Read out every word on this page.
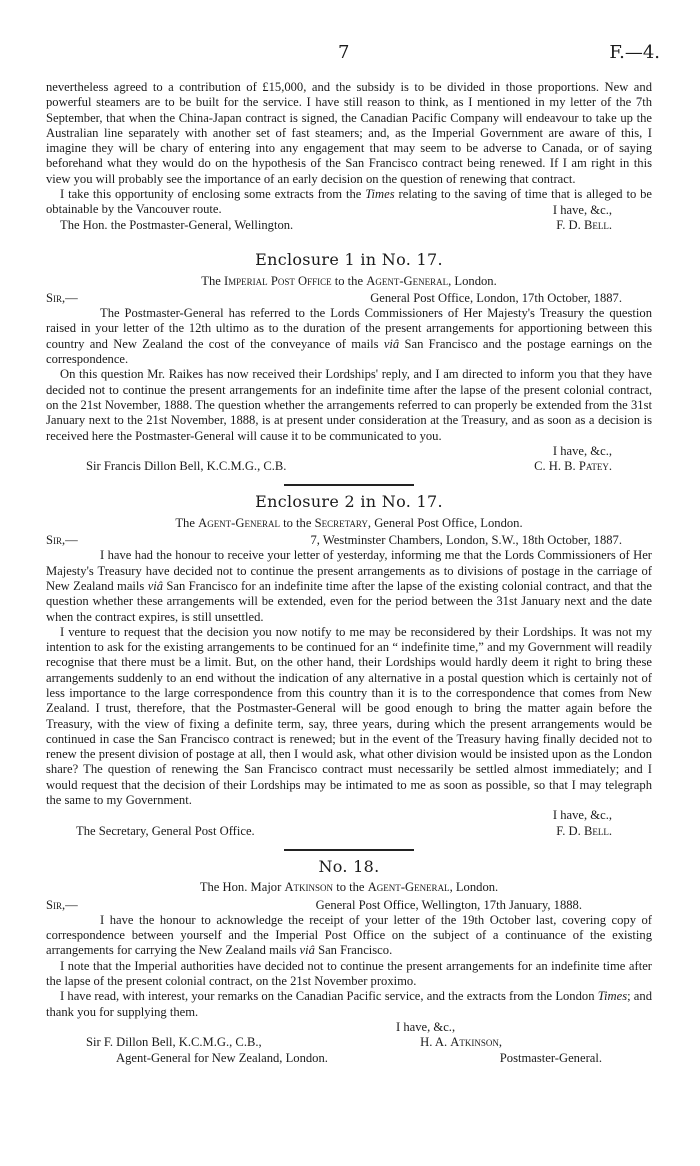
7	F.—4.

nevertheless agreed to a contribution of £15,000, and the subsidy is to be divided in those proportions. New and powerful steamers are to be built for the service. I have still reason to think, as I mentioned in my letter of the 7th September, that when the China-Japan contract is signed, the Canadian Pacific Company will endeavour to take up the Australian line separately with another set of fast steamers; and, as the Imperial Government are aware of this, I imagine they will be chary of entering into any engagement that may seem to be adverse to Canada, or of saying beforehand what they would do on the hypothesis of the San Francisco contract being renewed. If I am right in this view you will probably see the importance of an early decision on the question of renewing that contract.

I take this opportunity of enclosing some extracts from the Times relating to the saving of time that is alleged to be obtainable by the Vancouver route.	I have, &c.,
The Hon. the Postmaster-General, Wellington.	F. D. Bell.
Enclosure 1 in No. 17.
The Imperial Post Office to the Agent-General, London.
Sir,—	General Post Office, London, 17th October, 1887.

The Postmaster-General has referred to the Lords Commissioners of Her Majesty's Treasury the question raised in your letter of the 12th ultimo as to the duration of the present arrangements for apportioning between this country and New Zealand the cost of the conveyance of mails viâ San Francisco and the postage earnings on the correspondence.

On this question Mr. Raikes has now received their Lordships' reply, and I am directed to inform you that they have decided not to continue the present arrangements for an indefinite time after the lapse of the present colonial contract, on the 21st November, 1888. The question whether the arrangements referred to can properly be extended from the 31st January next to the 21st November, 1888, is at present under consideration at the Treasury, and as soon as a decision is received here the Postmaster-General will cause it to be communicated to you.

I have, &c.,
Sir Francis Dillon Bell, K.C.M.G., C.B.	C. H. B. Patey.
Enclosure 2 in No. 17.
The Agent-General to the Secretary, General Post Office, London.
Sir,—	7, Westminster Chambers, London, S.W., 18th October, 1887.

I have had the honour to receive your letter of yesterday, informing me that the Lords Commissioners of Her Majesty's Treasury have decided not to continue the present arrangements as to divisions of postage in the carriage of New Zealand mails viâ San Francisco for an indefinite time after the lapse of the existing colonial contract, and that the question whether these arrangements will be extended, even for the period between the 31st January next and the date when the contract expires, is still unsettled.

I venture to request that the decision you now notify to me may be reconsidered by their Lordships. It was not my intention to ask for the existing arrangements to be continued for an “ indefinite time,” and my Government will readily recognise that there must be a limit. But, on the other hand, their Lordships would hardly deem it right to bring these arrangements suddenly to an end without the indication of any alternative in a postal question which is certainly not of less importance to the large correspondence from this country than it is to the correspondence that comes from New Zealand. I trust, therefore, that the Postmaster-General will be good enough to bring the matter again before the Treasury, with the view of fixing a definite term, say, three years, during which the present arrangements would be continued in case the San Francisco contract is renewed; but in the event of the Treasury having finally decided not to renew the present division of postage at all, then I would ask, what other division would be insisted upon as the London share? The question of renewing the San Francisco contract must necessarily be settled almost immediately; and I would request that the decision of their Lordships may be intimated to me as soon as possible, so that I may telegraph the same to my Government.

I have, &c.,
The Secretary, General Post Office.	F. D. Bell.
No. 18.
The Hon. Major Atkinson to the Agent-General, London.
Sir,—	General Post Office, Wellington, 17th January, 1888.

I have the honour to acknowledge the receipt of your letter of the 19th October last, covering copy of correspondence between yourself and the Imperial Post Office on the subject of a continuance of the existing arrangements for carrying the New Zealand mails viâ San Francisco.

I note that the Imperial authorities have decided not to continue the present arrangements for an indefinite time after the lapse of the present colonial contract, on the 21st November proximo.

I have read, with interest, your remarks on the Canadian Pacific service, and the extracts from the London Times; and thank you for supplying them.

I have, &c.,
Sir F. Dillon Bell, K.C.M.G., C.B.,	H. A. Atkinson,
Agent-General for New Zealand, London.	Postmaster-General.
